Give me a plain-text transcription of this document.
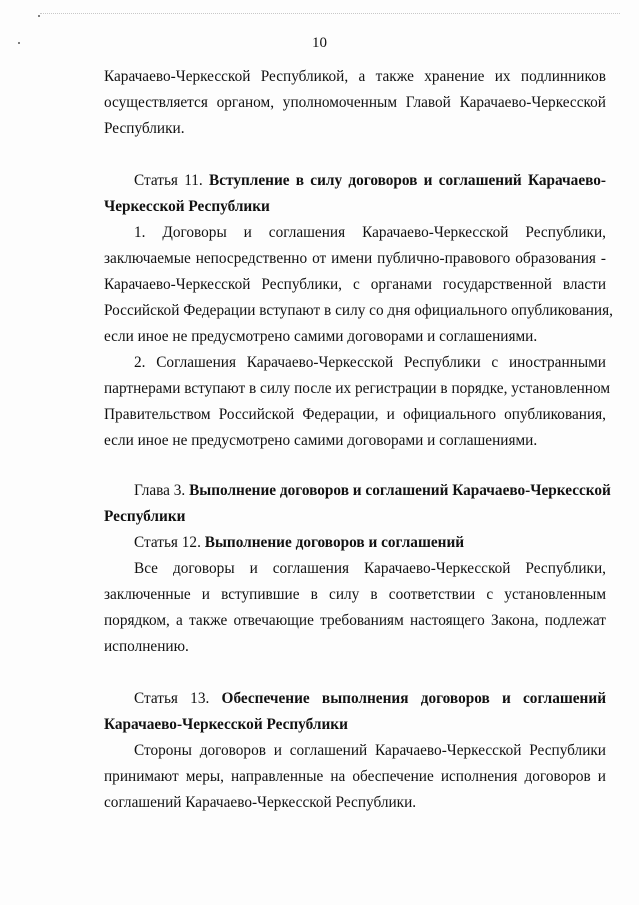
10
Карачаево-Черкесской Республикой, а также хранение их подлинников
осуществляется органом, уполномоченным Главой Карачаево-Черкесской
Республики.
Статья 11. Вступление в силу договоров и соглашений Карачаево-
Черкесской Республики
1. Договоры и соглашения Карачаево-Черкесской Республики,
заключаемые непосредственно от имени публично-правового образования -
Карачаево-Черкесской Республики, с органами государственной власти
Российской Федерации вступают в силу со дня официального опубликования,
если иное не предусмотрено самими договорами и соглашениями.
2. Соглашения Карачаево-Черкесской Республики с иностранными
партнерами вступают в силу после их регистрации в порядке, установленном
Правительством Российской Федерации, и официального опубликования,
если иное не предусмотрено самими договорами и соглашениями.
Глава 3. Выполнение договоров и соглашений Карачаево-Черкесской
Республики
Статья 12. Выполнение договоров и соглашений
Все договоры и соглашения Карачаево-Черкесской Республики,
заключенные и вступившие в силу в соответствии с установленным
порядком, а также отвечающие требованиям настоящего Закона, подлежат
исполнению.
Статья 13. Обеспечение выполнения договоров и соглашений
Карачаево-Черкесской Республики
Стороны договоров и соглашений Карачаево-Черкесской Республики
принимают меры, направленные на обеспечение исполнения договоров и
соглашений Карачаево-Черкесской Республики.
